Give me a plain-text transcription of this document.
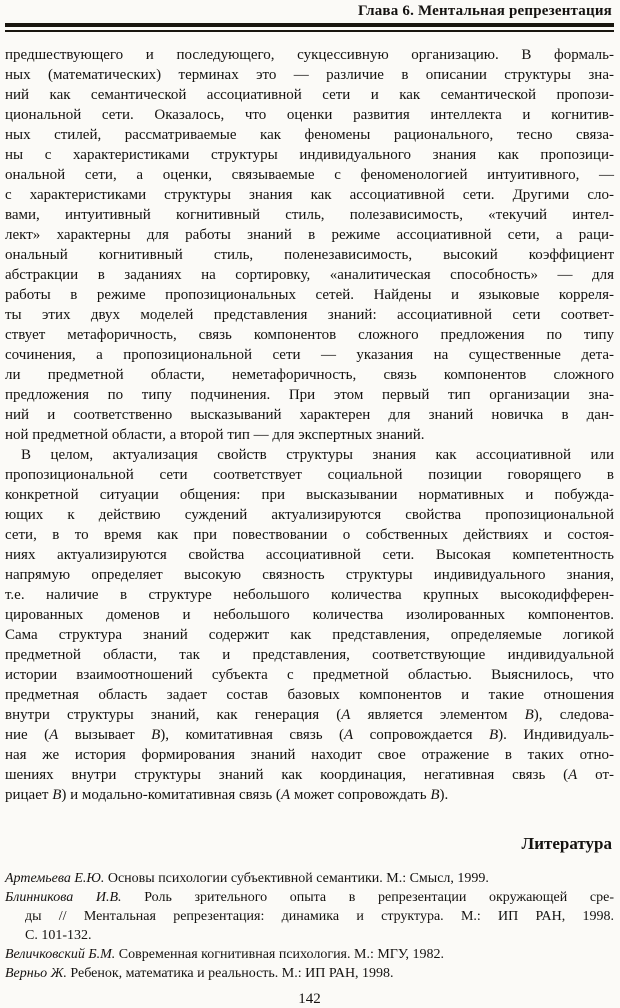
Глава 6. Ментальная репрезентация
предшествующего и последующего, сукцессивную организацию. В формаль-
ных (математических) терминах это — различие в описании структуры зна-
ний как семантической ассоциативной сети и как семантической пропози-
циональной сети. Оказалось, что оценки развития интеллекта и когнитив-
ных стилей, рассматриваемые как феномены рационального, тесно связа-
ны с характеристиками структуры индивидуального знания как пропозици-
ональной сети, а оценки, связываемые с феноменологией интуитивного, —
с характеристиками структуры знания как ассоциативной сети. Другими сло-
вами, интуитивный когнитивный стиль, полезависимость, «текучий интел-
лект» характерны для работы знаний в режиме ассоциативной сети, а раци-
ональный когнитивный стиль, поленезависимость, высокий коэффициент
абстракции в заданиях на сортировку, «аналитическая способность» — для
работы в режиме пропозициональных сетей. Найдены и языковые корреля-
ты этих двух моделей представления знаний: ассоциативной сети соответ-
ствует метафоричность, связь компонентов сложного предложения по типу
сочинения, а пропозициональной сети — указания на существенные дета-
ли предметной области, неметафоричность, связь компонентов сложного
предложения по типу подчинения. При этом первый тип организации зна-
ний и соответственно высказываний характерен для знаний новичка в дан-
ной предметной области, а второй тип — для экспертных знаний.
В целом, актуализация свойств структуры знания как ассоциативной или
пропозициональной сети соответствует социальной позиции говорящего в
конкретной ситуации общения: при высказывании нормативных и побужда-
ющих к действию суждений актуализируются свойства пропозициональной
сети, в то время как при повествовании о собственных действиях и состоя-
ниях актуализируются свойства ассоциативной сети. Высокая компетентность
напрямую определяет высокую связность структуры индивидуального знания,
т.е. наличие в структуре небольшого количества крупных высокодифферен-
цированных доменов и небольшого количества изолированных компонентов.
Сама структура знаний содержит как представления, определяемые логикой
предметной области, так и представления, соответствующие индивидуальной
истории взаимоотношений субъекта с предметной областью. Выяснилось, что
предметная область задает состав базовых компонентов и такие отношения
внутри структуры знаний, как генерация (А является элементом В), следова-
ние (А вызывает В), комитативная связь (А сопровождается В). Индивидуаль-
ная же история формирования знаний находит свое отражение в таких отно-
шениях внутри структуры знаний как координация, негативная связь (А от-
рицает В) и модально-комитативная связь (А может сопровождать В).
Литература
Артемьева Е.Ю. Основы психологии субъективной семантики. М.: Смысл, 1999.
Блинникова И.В. Роль зрительного опыта в репрезентации окружающей сре-
ды // Ментальная репрезентация: динамика и структура. М.: ИП РАН, 1998.
С. 101-132.
Величковский Б.М. Современная когнитивная психология. М.: МГУ, 1982.
Верньо Ж. Ребенок, математика и реальность. М.: ИП РАН, 1998.
142
